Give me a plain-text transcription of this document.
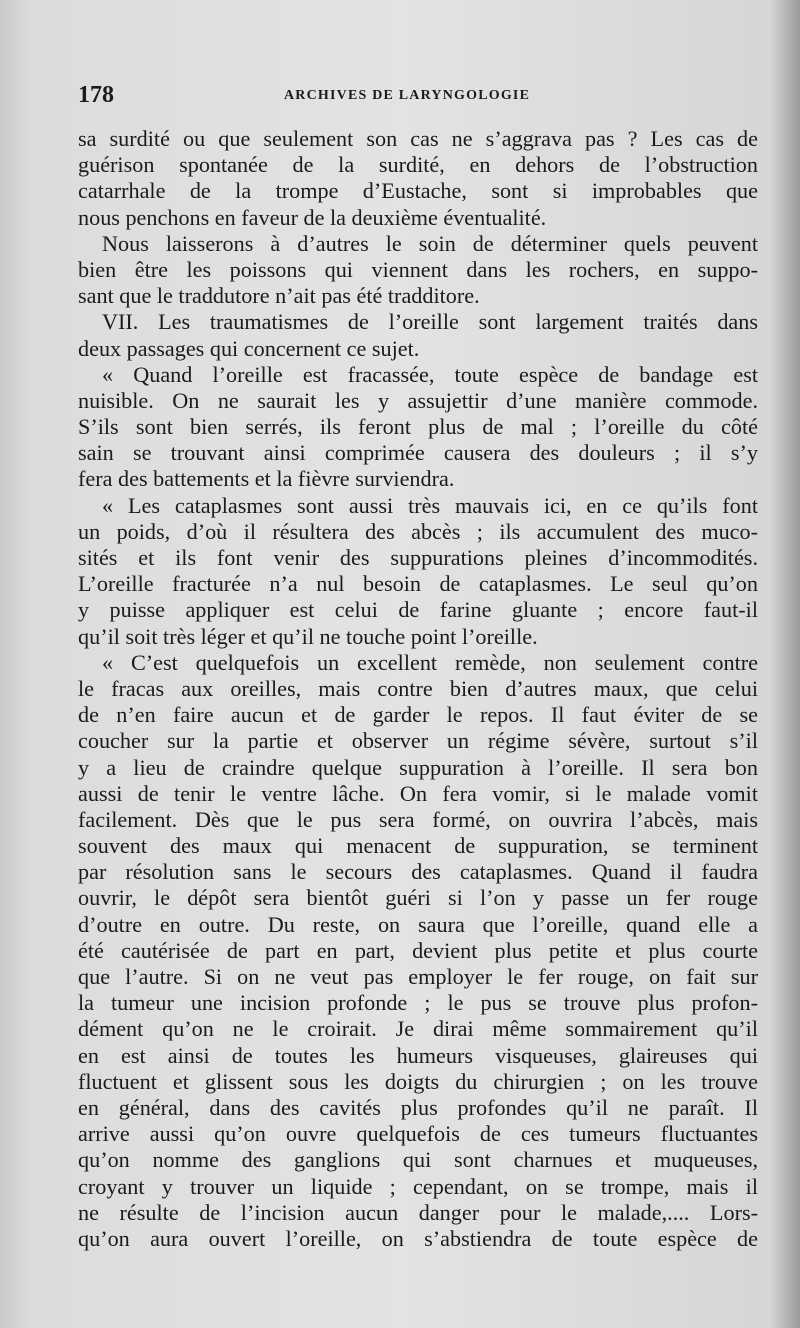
178	ARCHIVES DE LARYNGOLOGIE
sa surdité ou que seulement son cas ne s’aggrava pas ? Les cas de
guérison spontanée de la surdité, en dehors de l’obstruction
catarrhale de la trompe d’Eustache, sont si improbables que
nous penchons en faveur de la deuxième éventualité.
Nous laisserons à d’autres le soin de déterminer quels peuvent
bien être les poissons qui viennent dans les rochers, en suppo-
sant que le traddutore n’ait pas été tradditore.
VII. Les traumatismes de l’oreille sont largement traités dans
deux passages qui concernent ce sujet.
« Quand l’oreille est fracassée, toute espèce de bandage est
nuisible. On ne saurait les y assujettir d’une manière commode.
S’ils sont bien serrés, ils feront plus de mal ; l’oreille du côté
sain se trouvant ainsi comprimée causera des douleurs ; il s’y
fera des battements et la fièvre surviendra.
« Les cataplasmes sont aussi très mauvais ici, en ce qu’ils font
un poids, d’où il résultera des abcès ; ils accumulent des muco-
sités et ils font venir des suppurations pleines d’incommodités.
L’oreille fracturée n’a nul besoin de cataplasmes. Le seul qu’on
y puisse appliquer est celui de farine gluante ; encore faut-il
qu’il soit très léger et qu’il ne touche point l’oreille.
« C’est quelquefois un excellent remède, non seulement contre
le fracas aux oreilles, mais contre bien d’autres maux, que celui
de n’en faire aucun et de garder le repos. Il faut éviter de se
coucher sur la partie et observer un régime sévère, surtout s’il
y a lieu de craindre quelque suppuration à l’oreille. Il sera bon
aussi de tenir le ventre lâche. On fera vomir, si le malade vomit
facilement. Dès que le pus sera formé, on ouvrira l’abcès, mais
souvent des maux qui menacent de suppuration, se terminent
par résolution sans le secours des cataplasmes. Quand il faudra
ouvrir, le dépôt sera bientôt guéri si l’on y passe un fer rouge
d’outre en outre. Du reste, on saura que l’oreille, quand elle a
été cautérisée de part en part, devient plus petite et plus courte
que l’autre. Si on ne veut pas employer le fer rouge, on fait sur
la tumeur une incision profonde ; le pus se trouve plus profon-
dément qu’on ne le croirait. Je dirai même sommairement qu’il
en est ainsi de toutes les humeurs visqueuses, glaireuses qui
fluctuent et glissent sous les doigts du chirurgien ; on les trouve
en général, dans des cavités plus profondes qu’il ne paraît. Il
arrive aussi qu’on ouvre quelquefois de ces tumeurs fluctuantes
qu’on nomme des ganglions qui sont charnues et muqueuses,
croyant y trouver un liquide ; cependant, on se trompe, mais il
ne résulte de l’incision aucun danger pour le malade,.... Lors-
qu’on aura ouvert l’oreille, on s’abstiendra de toute espèce de
